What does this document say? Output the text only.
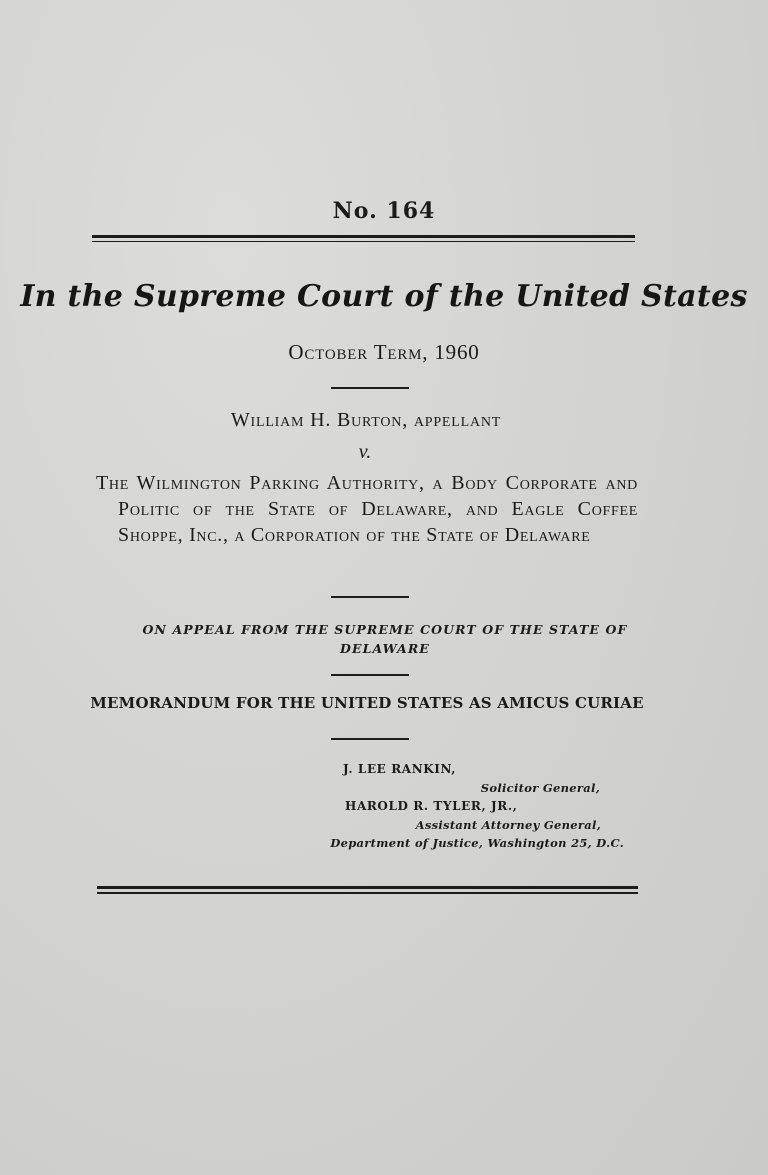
No. 164
In the Supreme Court of the United States
October Term, 1960
William H. Burton, appellant
v.
The Wilmington Parking Authority, a Body Corporate and Politic of the State of Delaware, and Eagle Coffee Shoppe, Inc., a Corporation of the State of Delaware
ON APPEAL FROM THE SUPREME COURT OF THE STATE OF DELAWARE
MEMORANDUM FOR THE UNITED STATES AS AMICUS CURIAE
J. LEE RANKIN,
Solicitor General,
HAROLD R. TYLER, JR.,
Assistant Attorney General,
Department of Justice, Washington 25, D.C.
